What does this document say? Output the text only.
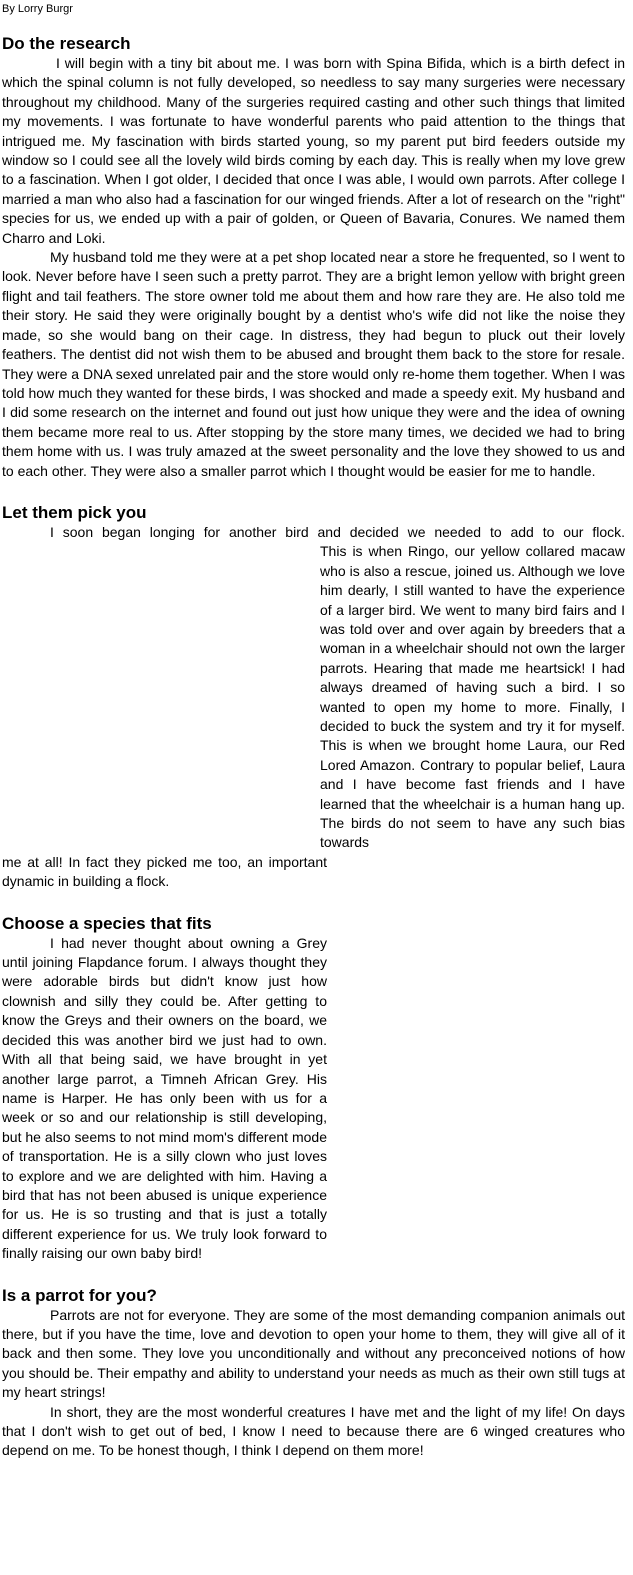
By Lorry Burgr
Do the research

I will begin with a tiny bit about me. I was born with Spina Bifida, which is a birth defect in which the spinal column is not fully developed, so needless to say many surgeries were necessary throughout my childhood. Many of the surgeries required casting and other such things that limited my movements. I was fortunate to have wonderful parents who paid attention to the things that intrigued me. My fascination with birds started young, so my parent put bird feeders outside my window so I could see all the lovely wild birds coming by each day. This is really when my love grew to a fascination. When I got older, I decided that once I was able, I would own parrots. After college I married a man who also had a fascination for our winged friends. After a lot of research on the "right" species for us, we ended up with a pair of golden, or Queen of Bavaria, Conures. We named them Charro and Loki.

My husband told me they were at a pet shop located near a store he frequented, so I went to look. Never before have I seen such a pretty parrot. They are a bright lemon yellow with bright green flight and tail feathers. The store owner told me about them and how rare they are. He also told me their story. He said they were originally bought by a dentist who's wife did not like the noise they made, so she would bang on their cage. In distress, they had begun to pluck out their lovely feathers. The dentist did not wish them to be abused and brought them back to the store for resale. They were a DNA sexed unrelated pair and the store would only re-home them together. When I was told how much they wanted for these birds, I was shocked and made a speedy exit. My husband and I did some research on the internet and found out just how unique they were and the idea of owning them became more real to us. After stopping by the store many times, we decided we had to bring them home with us. I was truly amazed at the sweet personality and the love they showed to us and to each other. They were also a smaller parrot which I thought would be easier for me to handle.

Let them pick you

I soon began longing for another bird and decided we needed to add to our flock.

This is when Ringo, our yellow collared macaw who is also a rescue, joined us. Although we love him dearly, I still wanted to have the experience of a larger bird. We went to many bird fairs and I was told over and over again by breeders that a woman in a wheelchair should not own the larger parrots. Hearing that made me heartsick! I had always dreamed of having such a bird. I so wanted to open my home to more. Finally, I decided to buck the system and try it for myself. This is when we brought home Laura, our Red Lored Amazon. Contrary to popular belief, Laura and I have become fast friends and I have learned that the wheelchair is a human hang up. The birds do not seem to have any such bias towards

me at all! In fact they picked me too, an important dynamic in building a flock.

Choose a species that fits

I had never thought about owning a Grey until joining Flapdance forum. I always thought they were adorable birds but didn't know just how clownish and silly they could be. After getting to know the Greys and their owners on the board, we decided this was another bird we just had to own. With all that being said, we have brought in yet another large parrot, a Timneh African Grey. His name is Harper. He has only been with us for a week or so and our relationship is still developing, but he also seems to not mind mom's different mode of transportation. He is a silly clown who just loves to explore and we are delighted with him. Having a bird that has not been abused is unique experience for us. He is so trusting and that is just a totally different experience for us. We truly look forward to finally raising our own baby bird!

Is a parrot for you?

Parrots are not for everyone. They are some of the most demanding companion animals out there, but if you have the time, love and devotion to open your home to them, they will give all of it back and then some. They love you unconditionally and without any preconceived notions of how you should be. Their empathy and ability to understand your needs as much as their own still tugs at my heart strings!

In short, they are the most wonderful creatures I have met and the light of my life! On days that I don't wish to get out of bed, I know I need to because there are 6 winged creatures who depend on me. To be honest though, I think I depend on them more!
